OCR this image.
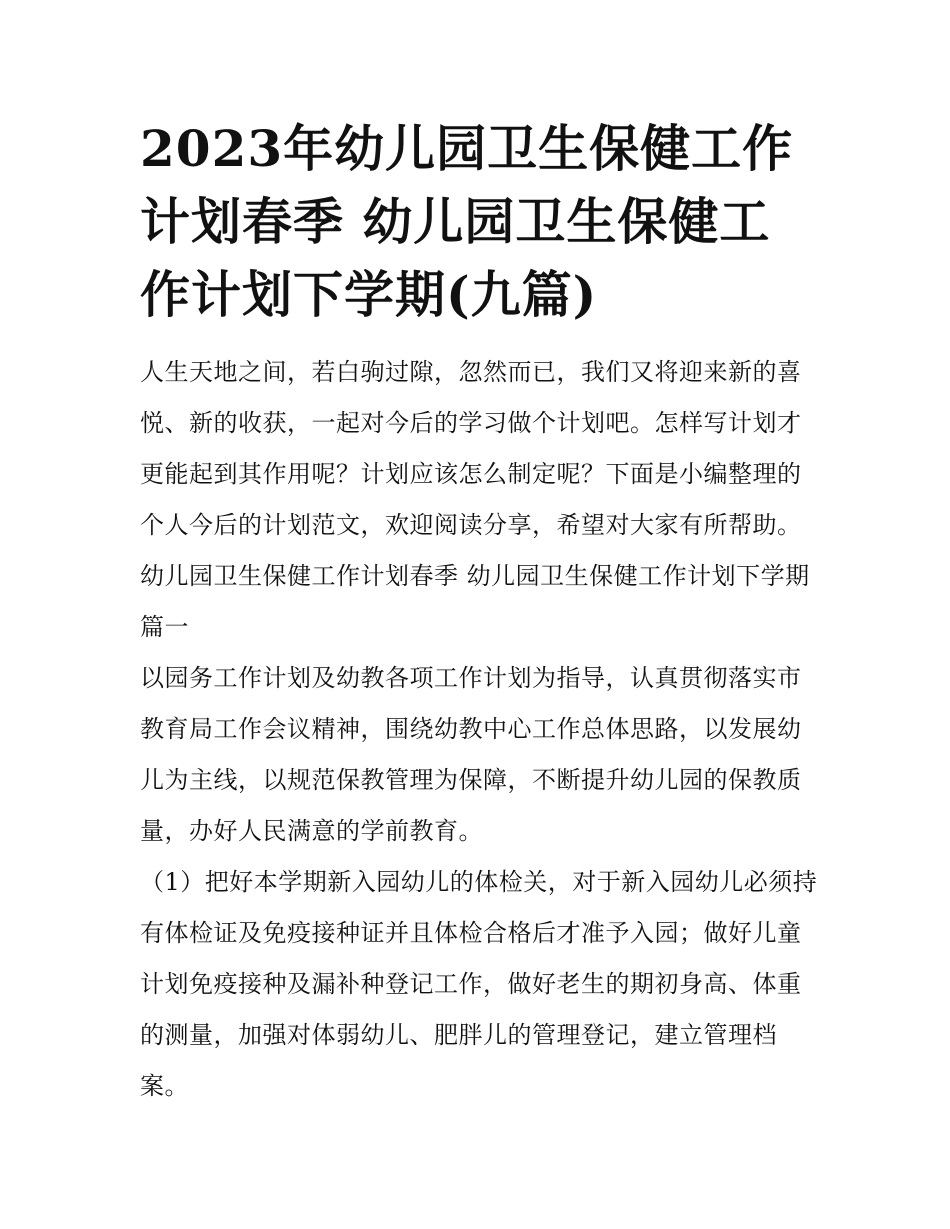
2023年幼儿园卫生保健工作计划春季 幼儿园卫生保健工作计划下学期(九篇)

人生天地之间，若白驹过隙，忽然而已，我们又将迎来新的喜悦、新的收获，一起对今后的学习做个计划吧。怎样写计划才更能起到其作用呢？计划应该怎么制定呢？下面是小编整理的个人今后的计划范文，欢迎阅读分享，希望对大家有所帮助。

幼儿园卫生保健工作计划春季 幼儿园卫生保健工作计划下学期篇一

以园务工作计划及幼教各项工作计划为指导，认真贯彻落实市教育局工作会议精神，围绕幼教中心工作总体思路，以发展幼儿为主线，以规范保教管理为保障，不断提升幼儿园的保教质量，办好人民满意的学前教育。

（1）把好本学期新入园幼儿的体检关，对于新入园幼儿必须持有体检证及免疫接种证并且体检合格后才准予入园；做好儿童计划免疫接种及漏补种登记工作，做好老生的期初身高、体重的测量，加强对体弱幼儿、肥胖儿的管理登记，建立管理档案。
